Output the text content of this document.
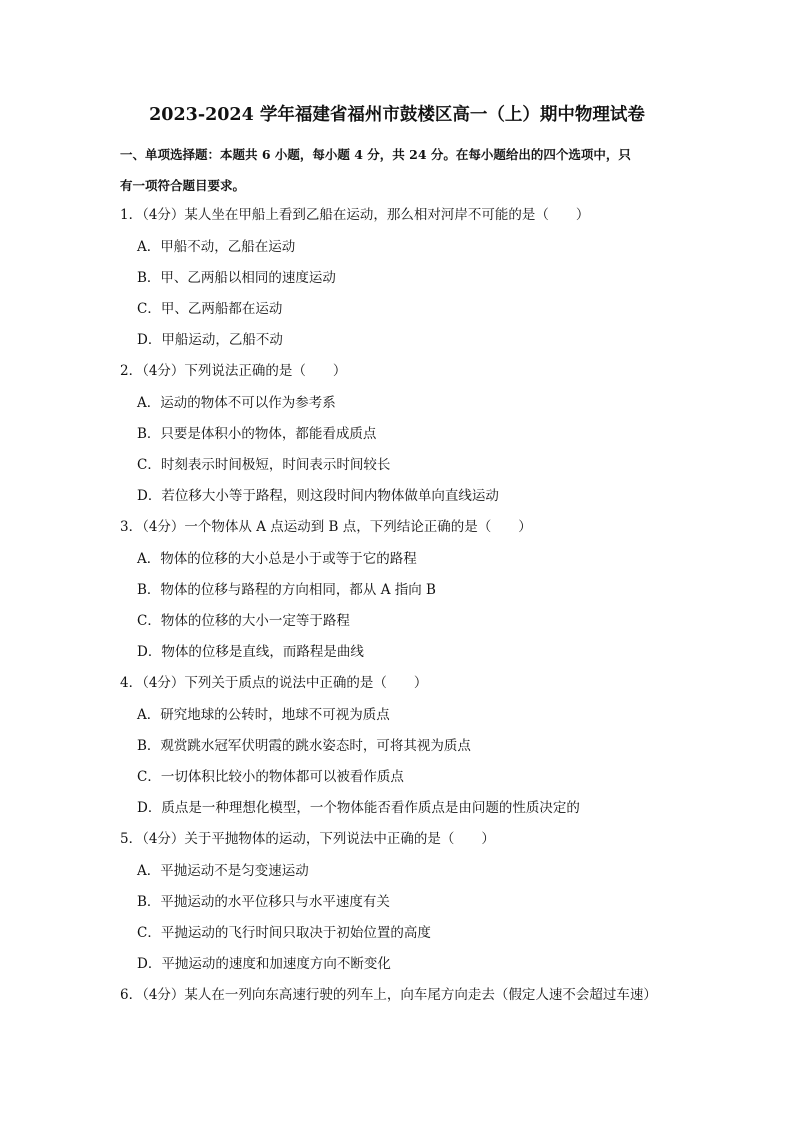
2023-2024 学年福建省福州市鼓楼区高一（上）期中物理试卷
一、单项选择题：本题共 6 小题，每小题 4 分，共 24 分。在每小题给出的四个选项中，只
有一项符合题目要求。
1．（4分）某人坐在甲船上看到乙船在运动，那么相对河岸不可能的是（　　）
A．甲船不动，乙船在运动
B．甲、乙两船以相同的速度运动
C．甲、乙两船都在运动
D．甲船运动，乙船不动
2．（4分）下列说法正确的是（　　）
A．运动的物体不可以作为参考系
B．只要是体积小的物体，都能看成质点
C．时刻表示时间极短，时间表示时间较长
D．若位移大小等于路程，则这段时间内物体做单向直线运动
3．（4分）一个物体从 A 点运动到 B 点，下列结论正确的是（　　）
A．物体的位移的大小总是小于或等于它的路程
B．物体的位移与路程的方向相同，都从 A 指向 B
C．物体的位移的大小一定等于路程
D．物体的位移是直线，而路程是曲线
4．（4分）下列关于质点的说法中正确的是（　　）
A．研究地球的公转时，地球不可视为质点
B．观赏跳水冠军伏明霞的跳水姿态时，可将其视为质点
C．一切体积比较小的物体都可以被看作质点
D．质点是一种理想化模型，一个物体能否看作质点是由问题的性质决定的
5．（4分）关于平抛物体的运动，下列说法中正确的是（　　）
A．平抛运动不是匀变速运动
B．平抛运动的水平位移只与水平速度有关
C．平抛运动的飞行时间只取决于初始位置的高度
D．平抛运动的速度和加速度方向不断变化
6．（4分）某人在一列向东高速行驶的列车上，向车尾方向走去（假定人速不会超过车速）
